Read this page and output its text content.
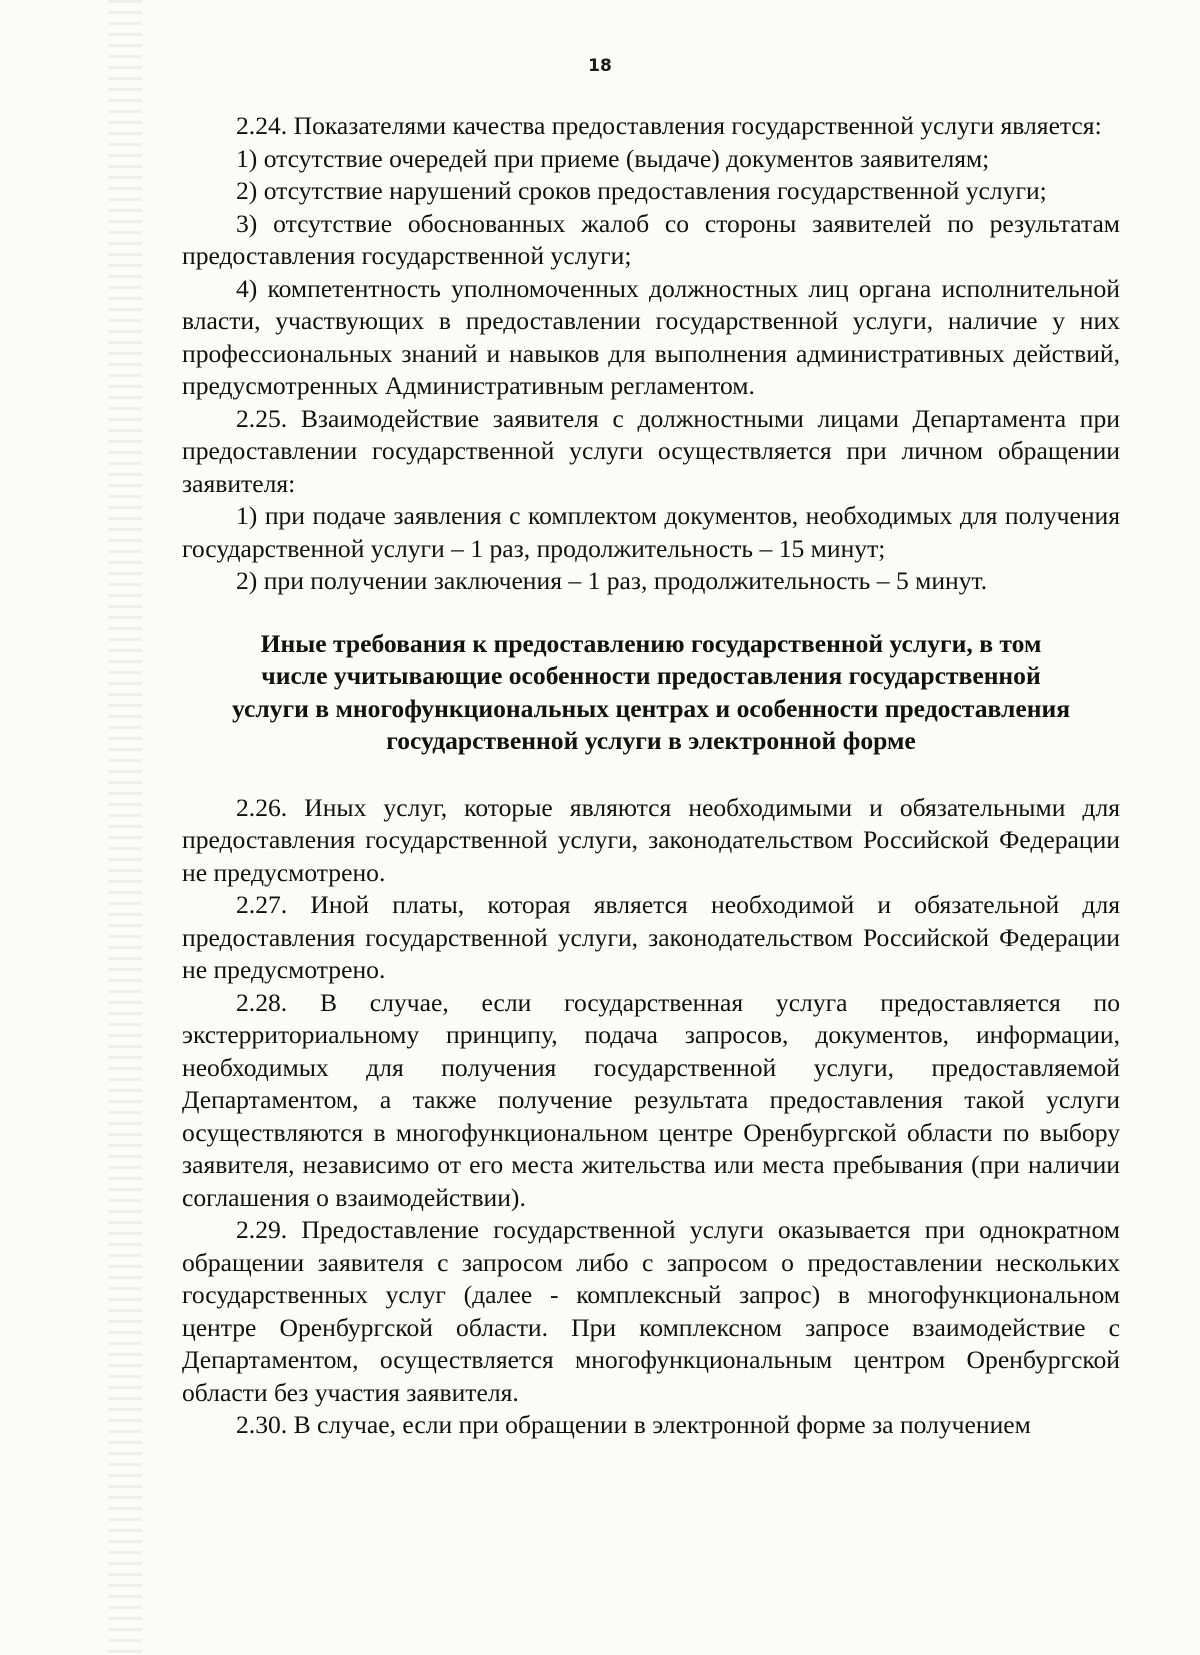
18

2.24. Показателями качества предоставления государственной услуги является:

1) отсутствие очередей при приеме (выдаче) документов заявителям;

2) отсутствие нарушений сроков предоставления государственной услуги;

3) отсутствие обоснованных жалоб со стороны заявителей по результатам предоставления государственной услуги;

4) компетентность уполномоченных должностных лиц органа исполнительной власти, участвующих в предоставлении государственной услуги, наличие у них профессиональных знаний и навыков для выполнения административных действий, предусмотренных Административным регламентом.

2.25. Взаимодействие заявителя с должностными лицами Департамента при предоставлении государственной услуги осуществляется при личном обращении заявителя:

1) при подаче заявления с комплектом документов, необходимых для получения государственной услуги – 1 раз, продолжительность – 15 минут;

2) при получении заключения – 1 раз, продолжительность – 5 минут.

Иные требования к предоставлению государственной услуги, в том
числе учитывающие особенности предоставления государственной
услуги в многофункциональных центрах и особенности предоставления
государственной услуги в электронной форме

2.26. Иных услуг, которые являются необходимыми и обязательными для предоставления государственной услуги, законодательством Российской Федерации не предусмотрено.

2.27. Иной платы, которая является необходимой и обязательной для предоставления государственной услуги, законодательством Российской Федерации не предусмотрено.

2.28. В случае, если государственная услуга предоставляется по экстерриториальному принципу, подача запросов, документов, информации, необходимых для получения государственной услуги, предоставляемой Департаментом, а также получение результата предоставления такой услуги осуществляются в многофункциональном центре Оренбургской области по выбору заявителя, независимо от его места жительства или места пребывания (при наличии соглашения о взаимодействии).

2.29. Предоставление государственной услуги оказывается при однократном обращении заявителя с запросом либо с запросом о предоставлении нескольких государственных услуг (далее - комплексный запрос) в многофункциональном центре Оренбургской области. При комплексном запросе взаимодействие с Департаментом, осуществляется многофункциональным центром Оренбургской области без участия заявителя.

2.30. В случае, если при обращении в электронной форме за получением
